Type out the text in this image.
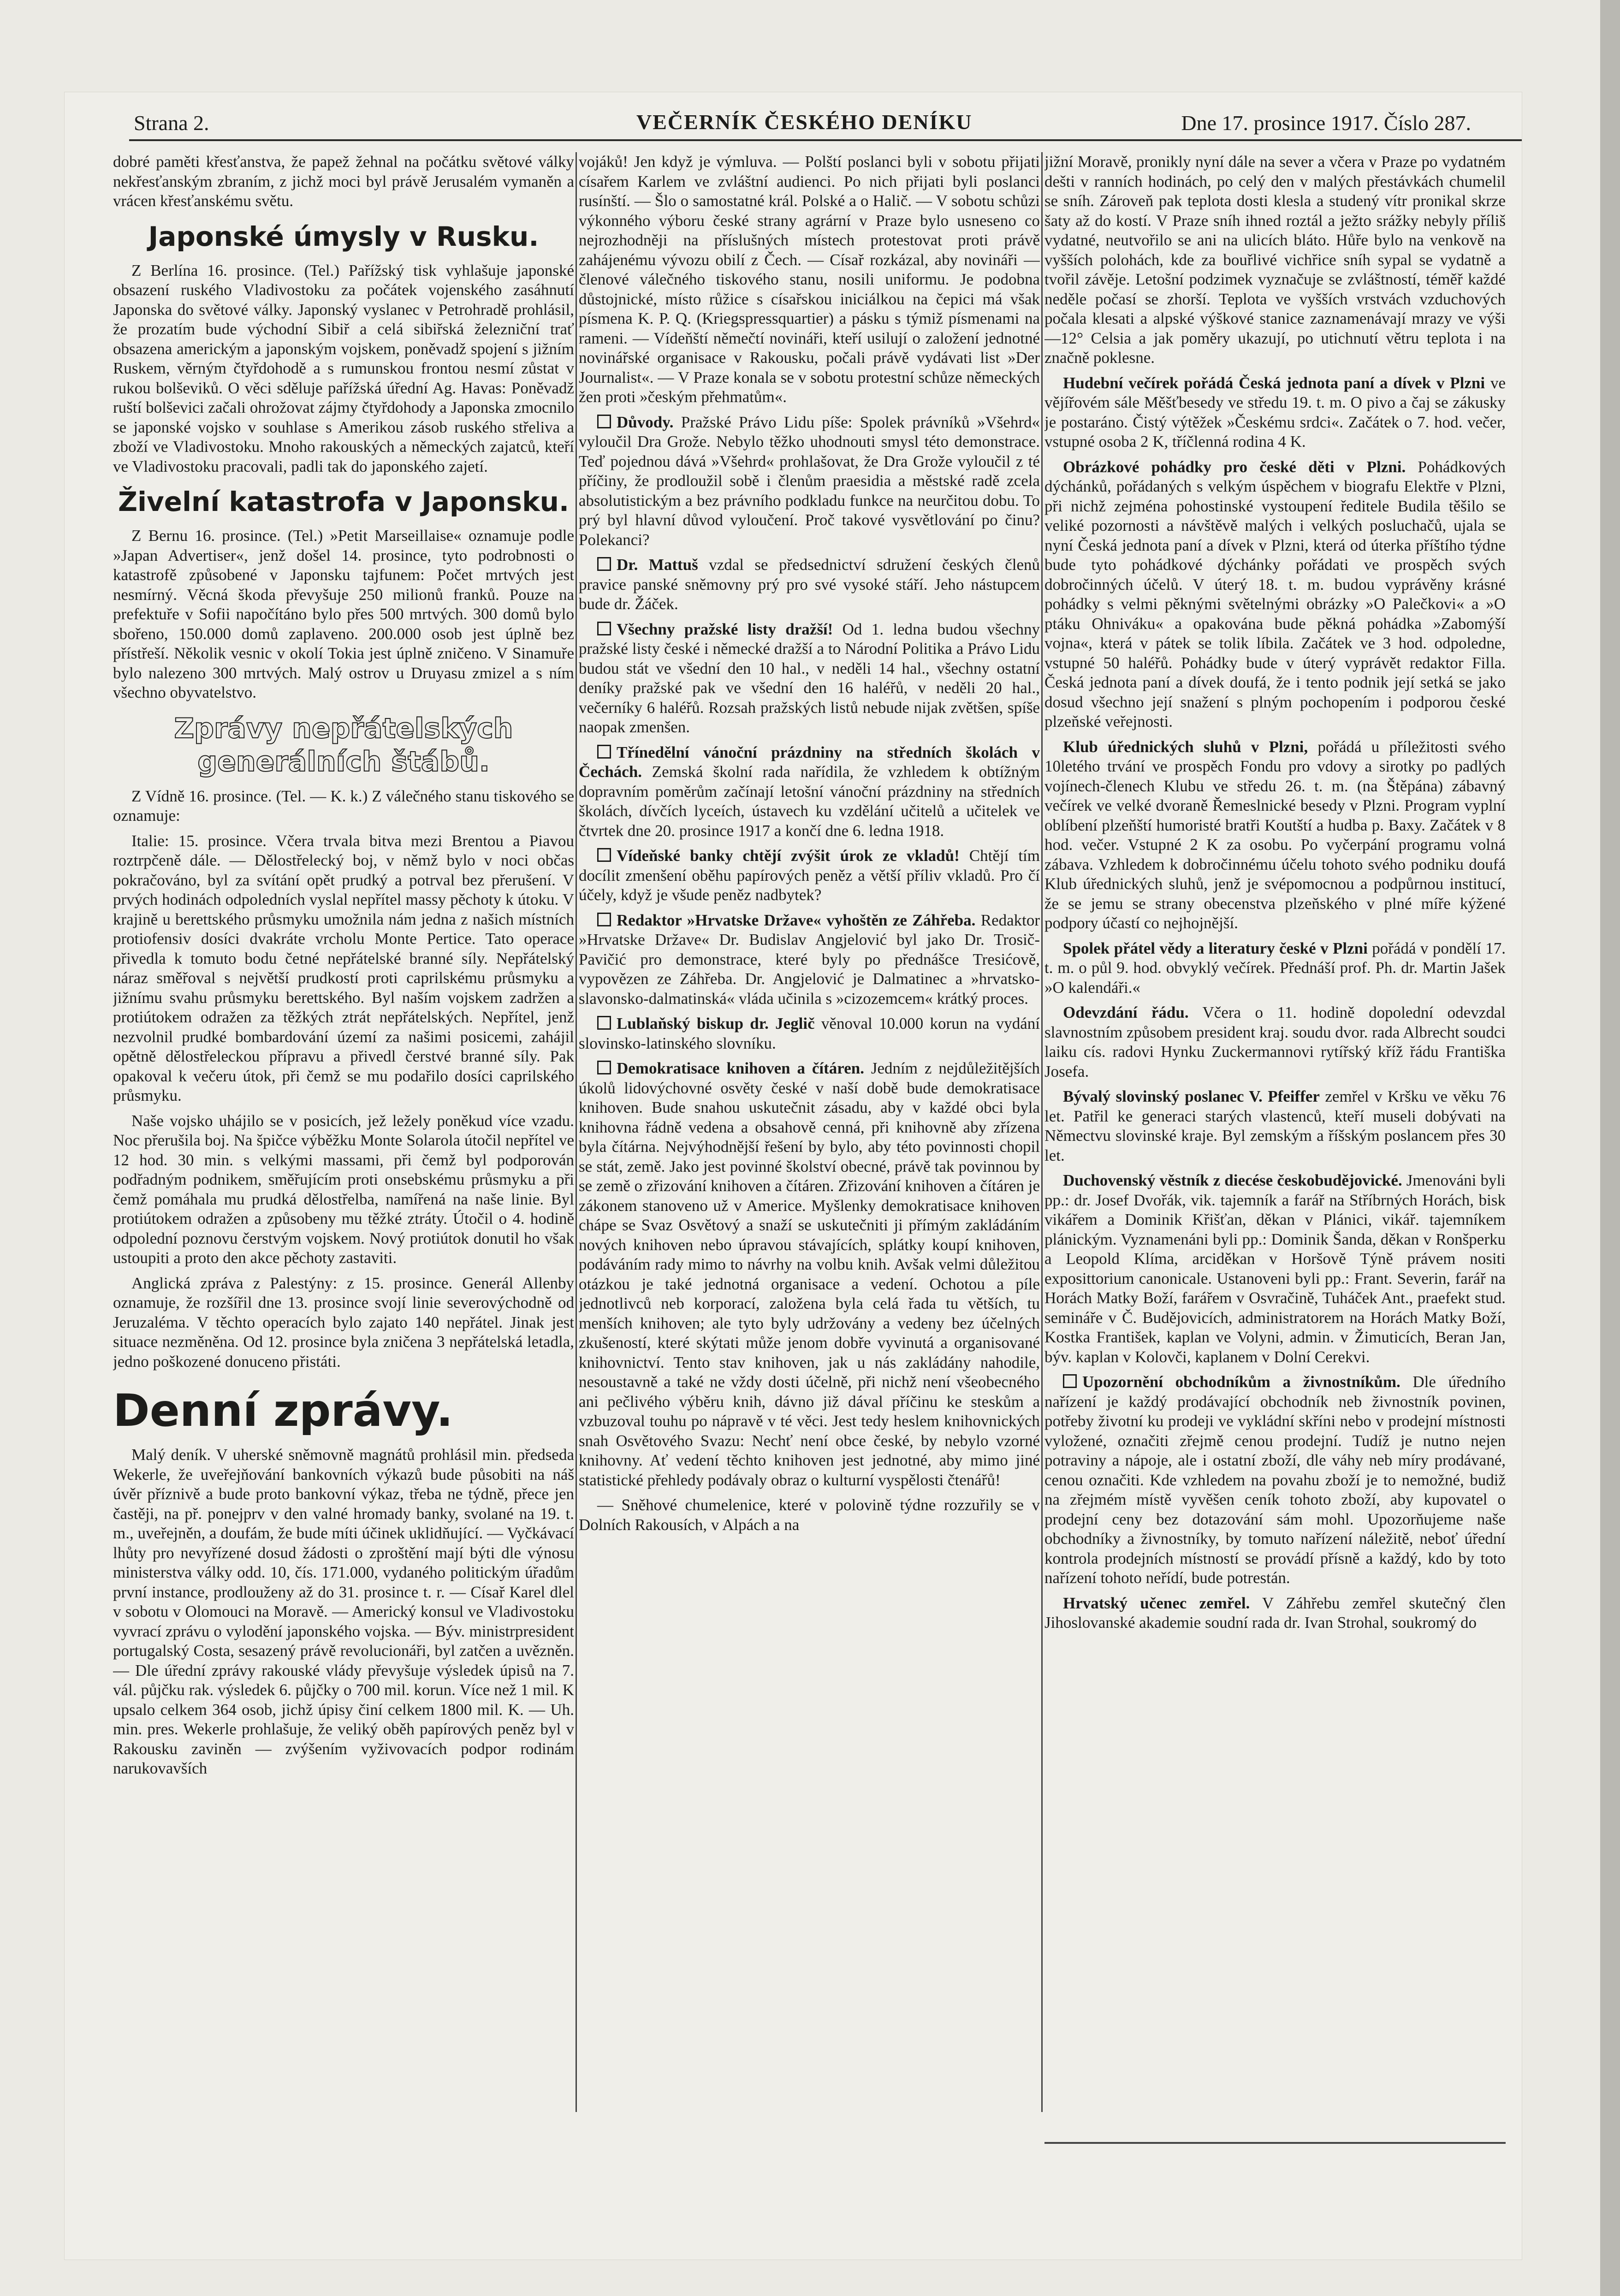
Strana 2.	VEČERNÍK ČESKÉHO DENÍKU	Dne 17. prosince 1917. Číslo 287.

dobré paměti křesťanstva, že papež žehnal na počátku světové války nekřesťanským zbraním, z jichž moci byl právě Jerusalém vymaněn a vrácen křesťanskému světu.

Japonské úmysly v Rusku.

Z Berlína 16. prosince. (Tel.) Pařížský tisk vyhlašuje japonské obsazení ruského Vladivostoku za počátek vojenského zasáhnutí Japonska do světové války. Japonský vyslanec v Petrohradě prohlásil, že prozatím bude východní Sibiř a celá sibiřská železniční trať obsazena americkým a japonským vojskem, poněvadž spojení s jižním Ruskem, věrným čtyřdohodě a s rumunskou frontou nesmí zůstat v rukou bolševiků. O věci sděluje pařížská úřední Ag. Havas: Poněvadž ruští bolševici začali ohrožovat zájmy čtyřdohody a Japonska zmocnilo se japonské vojsko v souhlase s Amerikou zásob ruského střeliva a zboží ve Vladivostoku. Mnoho rakouských a německých zajatců, kteří ve Vladivostoku pracovali, padli tak do japonského zajetí.

Živelní katastrofa v Japonsku.

Z Bernu 16. prosince. (Tel.) »Petit Marseillaise« oznamuje podle »Japan Advertiser«, jenž došel 14. prosince, tyto podrobnosti o katastrofě způsobené v Japonsku tajfunem: Počet mrtvých jest nesmírný. Věcná škoda převyšuje 250 milionů franků. Pouze na prefektuře v Sofii napočítáno bylo přes 500 mrtvých. 300 domů bylo sbořeno, 150.000 domů zaplaveno. 200.000 osob jest úplně bez přístřeší. Několik vesnic v okolí Tokia jest úplně zničeno. V Sinamuře bylo nalezeno 300 mrtvých. Malý ostrov u Druyasu zmizel a s ním všechno obyvatelstvo.

Zprávy nepřátelských
generálních štábů.

Z Vídně 16. prosince. (Tel. — K. k.) Z válečného stanu tiskového se oznamuje:

Italie: 15. prosince. Včera trvala bitva mezi Brentou a Piavou roztrpčeně dále. — Dělostřelecký boj, v němž bylo v noci občas pokračováno, byl za svítání opět prudký a potrval bez přerušení. V prvých hodinách odpoledních vyslal nepřítel massy pěchoty k útoku. V krajině u berettského průsmyku umožnila nám jedna z našich místních protiofensiv dosíci dvakráte vrcholu Monte Pertice. Tato operace přivedla k tomuto bodu četné nepřátelské branné síly. Nepřátelský náraz směřoval s největší prudkostí proti caprilskému průsmyku a jižnímu svahu průsmyku berettského. Byl naším vojskem zadržen a protiútokem odražen za těžkých ztrát nepřátelských. Nepřítel, jenž nezvolnil prudké bombardování území za našimi posicemi, zahájil opětně dělostřeleckou přípravu a přivedl čerstvé branné síly. Pak opakoval k večeru útok, při čemž se mu podařilo dosíci caprilského průsmyku.

Naše vojsko uhájilo se v posicích, jež ležely poněkud více vzadu. Noc přerušila boj. Na špičce výběžku Monte Solarola útočil nepřítel ve 12 hod. 30 min. s velkými massami, při čemž byl podporován podřadným podnikem, směřujícím proti onsebskému průsmyku a při čemž pomáhala mu prudká dělostřelba, namířená na naše linie. Byl protiútokem odražen a způsobeny mu těžké ztráty. Útočil o 4. hodině odpolední poznovu čerstvým vojskem. Nový protiútok donutil ho však ustoupiti a proto den akce pěchoty zastaviti.

Anglická zpráva z Palestýny: z 15. prosince. Generál Allenby oznamuje, že rozšířil dne 13. prosince svojí linie severovýchodně od Jeruzaléma. V těchto operacích bylo zajato 140 nepřátel. Jinak jest situace nezměněna. Od 12. prosince byla zničena 3 nepřátelská letadla, jedno poškozené donuceno přistáti.

Denní zprávy.

Malý deník. V uherské sněmovně magnátů prohlásil min. předseda Wekerle, že uveřejňování bankovních výkazů bude působiti na náš úvěr příznivě a bude proto bankovní výkaz, třeba ne týdně, přece jen častěji, na př. ponejprv v den valné hromady banky, svolané na 19. t. m., uveřejněn, a doufám, že bude míti účinek uklidňující. — Vyčkávací lhůty pro nevyřízené dosud žádosti o zproštění mají býti dle výnosu ministerstva války odd. 10, čís. 171.000, vydaného politickým úřadům první instance, prodlouženy až do 31. prosince t. r. — Císař Karel dlel v sobotu v Olomouci na Moravě. — Americký konsul ve Vladivostoku vyvrací zprávu o vylodění japonského vojska. — Býv. ministrpresident portugalský Costa, sesazený právě revolucionáři, byl zatčen a uvězněn. — Dle úřední zprávy rakouské vlády převyšuje výsledek úpisů na 7. vál. půjčku rak. výsledek 6. půjčky o 700 mil. korun. Více než 1 mil. K upsalo celkem 364 osob, jichž úpisy činí celkem 1800 mil. K. — Uh. min. pres. Wekerle prohlašuje, že veliký oběh papírových peněz byl v Rakousku zaviněn — zvýšením vyživovacích podpor rodinám narukovavších

vojáků! Jen když je výmluva. — Polští poslanci byli v sobotu přijati císařem Karlem ve zvláštní audienci. Po nich přijati byli poslanci rusínští. — Šlo o samostatné král. Polské a o Halič. — V sobotu schůzi výkonného výboru české strany agrární v Praze bylo usneseno co nejrozhodněji na příslušných místech protestovat proti právě zahájenému vývozu obilí z Čech. — Císař rozkázal, aby novináři — členové válečného tiskového stanu, nosili uniformu. Je podobna důstojnické, místo růžice s císařskou iniciálkou na čepici má však písmena K. P. Q. (Kriegspressquartier) a pásku s týmiž písmenami na rameni. — Vídeňští němečtí novináři, kteří usilují o založení jednotné novinářské organisace v Rakousku, počali právě vydávati list »Der Journalist«. — V Praze konala se v sobotu protestní schůze německých žen proti »českým přehmatům«.

Důvody. Pražské Právo Lidu píše: Spolek právníků »Všehrd« vyloučil Dra Grože. Nebylo těžko uhodnouti smysl této demonstrace. Teď pojednou dává »Všehrd« prohlašovat, že Dra Grože vyloučil z té příčiny, že prodloužil sobě i členům praesidia a městské radě zcela absolutistickým a bez právního podkladu funkce na neurčitou dobu. To prý byl hlavní důvod vyloučení. Proč takové vysvětlování po činu? Polekanci?

Dr. Mattuš vzdal se předsednictví sdružení českých členů pravice panské sněmovny prý pro své vysoké stáří. Jeho nástupcem bude dr. Žáček.

Všechny pražské listy dražší! Od 1. ledna budou všechny pražské listy české i německé dražší a to Národní Politika a Právo Lidu budou stát ve všední den 10 hal., v neděli 14 hal., všechny ostatní deníky pražské pak ve všední den 16 haléřů, v neděli 20 hal., večerníky 6 haléřů. Rozsah pražských listů nebude nijak zvětšen, spíše naopak zmenšen.

Třínedělní vánoční prázdniny na středních školách v Čechách. Zemská školní rada nařídila, že vzhledem k obtížným dopravním poměrům začínají letošní vánoční prázdniny na středních školách, dívčích lyceích, ústavech ku vzdělání učitelů a učitelek ve čtvrtek dne 20. prosince 1917 a končí dne 6. ledna 1918.

Vídeňské banky chtějí zvýšit úrok ze vkladů! Chtějí tím docílit zmenšení oběhu papírových peněz a větší příliv vkladů. Pro čí účely, když je všude peněz nadbytek?

Redaktor »Hrvatske Države« vyhoštěn ze Záhřeba. Redaktor »Hrvatske Države« Dr. Budislav Angjelović byl jako Dr. Trosič-Pavičić pro demonstrace, které byly po přednášce Tresićově, vypovězen ze Záhřeba. Dr. Angjelović je Dalmatinec a »hrvatsko-slavonsko-dalmatinská« vláda učinila s »cizozemcem« krátký proces.

Lublaňský biskup dr. Jeglič věnoval 10.000 korun na vydání slovinsko-latinského slovníku.

Demokratisace knihoven a čítáren. Jedním z nejdůležitějších úkolů lidovýchovné osvěty české v naší době bude demokratisace knihoven. Bude snahou uskutečnit zásadu, aby v každé obci byla knihovna řádně vedena a obsahově cenná, při knihovně aby zřízena byla čítárna. Nejvýhodnější řešení by bylo, aby této povinnosti chopil se stát, země. Jako jest povinné školství obecné, právě tak povinnou by se země o zřizování knihoven a čítáren. Zřizování knihoven a čítáren je zákonem stanoveno už v Americe. Myšlenky demokratisace knihoven chápe se Svaz Osvětový a snaží se uskutečniti ji přímým zakládáním nových knihoven nebo úpravou stávajících, splátky koupí knihoven, podáváním rady mimo to návrhy na volbu knih. Avšak velmi důležitou otázkou je také jednotná organisace a vedení. Ochotou a píle jednotlivců neb korporací, založena byla celá řada tu větších, tu menších knihoven; ale tyto byly udržovány a vedeny bez účelných zkušeností, které skýtati může jenom dobře vyvinutá a organisované knihovnictví. Tento stav knihoven, jak u nás zakládány nahodile, nesoustavně a také ne vždy dosti účelně, při nichž není všeobecného ani pečlivého výběru knih, dávno již dával příčinu ke steskům a vzbuzoval touhu po nápravě v té věci. Jest tedy heslem knihovnických snah Osvětového Svazu: Nechť není obce české, by nebylo vzorné knihovny. Ať vedení těchto knihoven jest jednotné, aby mimo jiné statistické přehledy podávaly obraz o kulturní vyspělosti čtenářů!

— Sněhové chumelenice, které v polovině týdne rozzuřily se v Dolních Rakousích, v Alpách a na

jižní Moravě, pronikly nyní dále na sever a včera v Praze po vydatném dešti v ranních hodinách, po celý den v malých přestávkách chumelil se sníh. Zároveň pak teplota dosti klesla a studený vítr pronikal skrze šaty až do kostí. V Praze sníh ihned roztál a ježto srážky nebyly příliš vydatné, neutvořilo se ani na ulicích bláto. Hůře bylo na venkově na vyšších polohách, kde za bouřlivé vichřice sníh sypal se vydatně a tvořil závěje. Letošní podzimek vyznačuje se zvláštností, téměř každé neděle počasí se zhorší. Teplota ve vyšších vrstvách vzduchových počala klesati a alpské výškové stanice zaznamenávají mrazy ve výši —12° Celsia a jak poměry ukazují, po utichnutí větru teplota i na značně poklesne.

Hudební večírek pořádá Česká jednota paní a dívek v Plzni ve vějířovém sále Měšťbesedy ve středu 19. t. m. O pivo a čaj se zákusky je postaráno. Čistý výtěžek »Českému srdci«. Začátek o 7. hod. večer, vstupné osoba 2 K, tříčlenná rodina 4 K.

Obrázkové pohádky pro české děti v Plzni. Pohádkových dýchánků, pořádaných s velkým úspěchem v biografu Elektře v Plzni, při nichž zejména pohostinské vystoupení ředitele Budila těšilo se veliké pozornosti a návštěvě malých i velkých posluchačů, ujala se nyní Česká jednota paní a dívek v Plzni, která od úterka příštího týdne bude tyto pohádkové dýchánky pořádati ve prospěch svých dobročinných účelů. V úterý 18. t. m. budou vyprávěny krásné pohádky s velmi pěknými světelnými obrázky »O Palečkovi« a »O ptáku Ohniváku« a opakována bude pěkná pohádka »Zabomýší vojna«, která v pátek se tolik líbila. Začátek ve 3 hod. odpoledne, vstupné 50 haléřů. Pohádky bude v úterý vyprávět redaktor Filla. Česká jednota paní a dívek doufá, že i tento podnik její setká se jako dosud všechno její snažení s plným pochopením i podporou české plzeňské veřejnosti.

Klub úřednických sluhů v Plzni, pořádá u příležitosti svého 10letého trvání ve prospěch Fondu pro vdovy a sirotky po padlých vojínech-členech Klubu ve středu 26. t. m. (na Štěpána) zábavný večírek ve velké dvoraně Řemeslnické besedy v Plzni. Program vyplní oblíbení plzeňští humoristé bratři Koutští a hudba p. Baxy. Začátek v 8 hod. večer. Vstupné 2 K za osobu. Po vyčerpání programu volná zábava. Vzhledem k dobročinnému účelu tohoto svého podniku doufá Klub úřednických sluhů, jenž je svépomocnou a podpůrnou institucí, že se jemu se strany obecenstva plzeňského v plné míře kýžené podpory účastí co nejhojnější.

Spolek přátel vědy a literatury české v Plzni pořádá v pondělí 17. t. m. o půl 9. hod. obvyklý večírek. Přednáší prof. Ph. dr. Martin Jašek »O kalendáři.«

Odevzdání řádu. Včera o 11. hodině dopolední odevzdal slavnostním způsobem president kraj. soudu dvor. rada Albrecht soudci laiku cís. radovi Hynku Zuckermannovi rytířský kříž řádu Františka Josefa.

Bývalý slovinský poslanec V. Pfeiffer zemřel v Kršku ve věku 76 let. Patřil ke generaci starých vlastenců, kteří museli dobývati na Němectvu slovinské kraje. Byl zemským a říšským poslancem přes 30 let.

Duchovenský věstník z diecése českobudějovické. Jmenováni byli pp.: dr. Josef Dvořák, vik. tajemník a farář na Stříbrných Horách, bisk vikářem a Dominik Křišťan, děkan v Plánici, vikář. tajemníkem plánickým. Vyznamenáni byli pp.: Dominik Šanda, děkan v Ronšperku a Leopold Klíma, arciděkan v Horšově Týně právem nositi exposittorium canonicale. Ustanoveni byli pp.: Frant. Severin, farář na Horách Matky Boží, farářem v Osvračině, Tuháček Ant., praefekt stud. semináře v Č. Budějovicích, administratorem na Horách Matky Boží, Kostka František, kaplan ve Volyni, admin. v Žimuticích, Beran Jan, býv. kaplan v Kolovči, kaplanem v Dolní Cerekvi.

Upozornění obchodníkům a živnostníkům. Dle úředního nařízení je každý prodávající obchodník neb živnostník povinen, potřeby životní ku prodeji ve vykládní skříni nebo v prodejní místnosti vyložené, označiti zřejmě cenou prodejní. Tudíž je nutno nejen potraviny a nápoje, ale i ostatní zboží, dle váhy neb míry prodávané, cenou označiti. Kde vzhledem na povahu zboží je to nemožné, budiž na zřejmém místě vyvěšen ceník tohoto zboží, aby kupovatel o prodejní ceny bez dotazování sám mohl. Upozorňujeme naše obchodníky a živnostníky, by tomuto nařízení náležitě, neboť úřední kontrola prodejních místností se provádí přísně a každý, kdo by toto nařízení tohoto neřídí, bude potrestán.

Hrvatský učenec zemřel. V Záhřebu zemřel skutečný člen Jihoslovanské akademie soudní rada dr. Ivan Strohal, soukromý do
